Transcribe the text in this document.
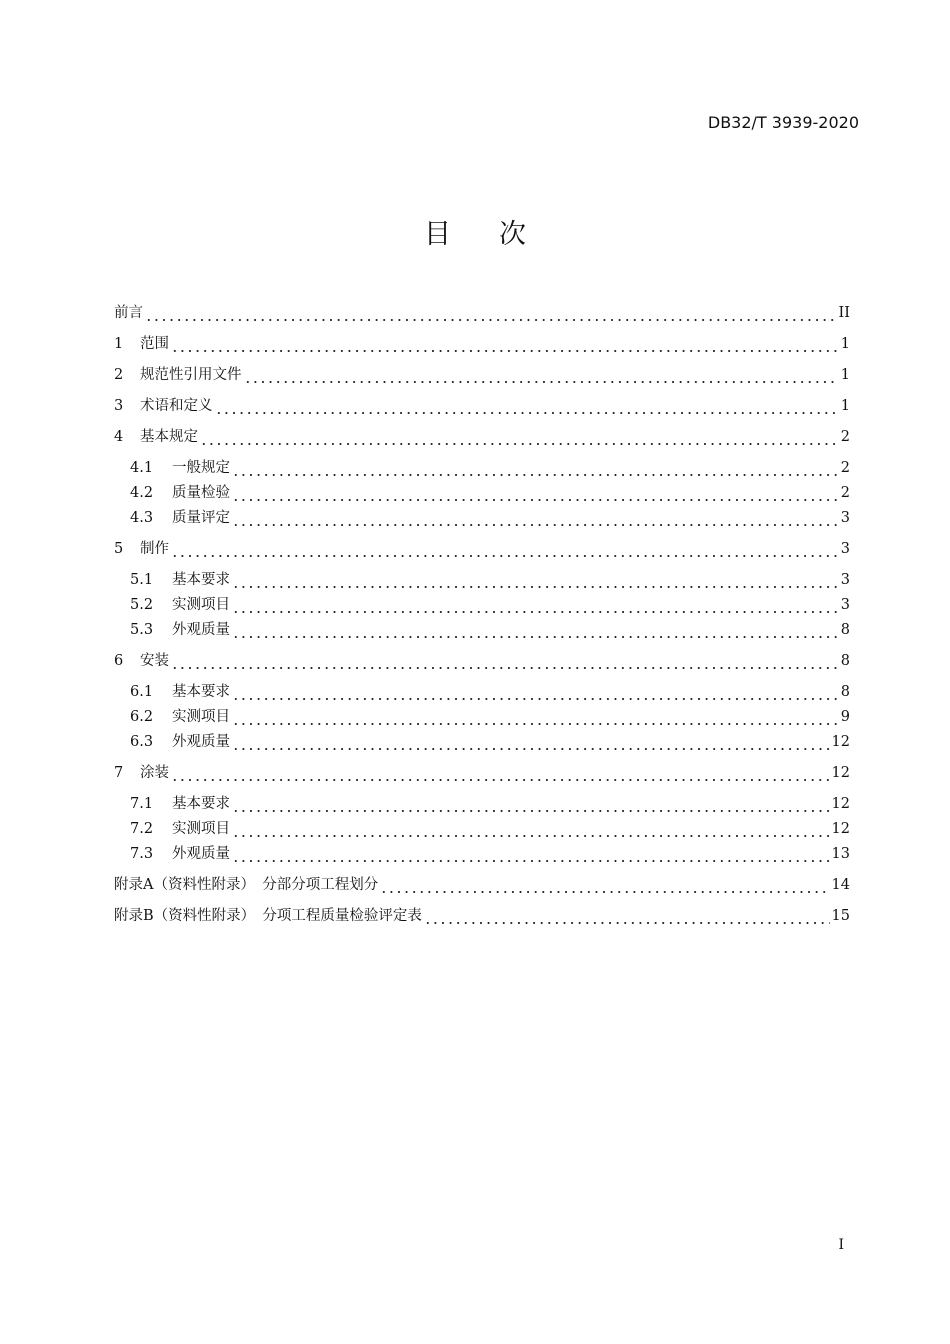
DB32/T 3939-2020
目 次
前言	II
1	范围	1
2	规范性引用文件	1
3	术语和定义	1
4	基本规定	2
4.1	一般规定	2
4.2	质量检验	2
4.3	质量评定	3
5	制作	3
5.1	基本要求	3
5.2	实测项目	3
5.3	外观质量	8
6	安装	8
6.1	基本要求	8
6.2	实测项目	9
6.3	外观质量	12
7	涂装	12
7.1	基本要求	12
7.2	实测项目	12
7.3	外观质量	13
附录A（资料性附录）　分部分项工程划分	14
附录B（资料性附录）　分项工程质量检验评定表	15
I
